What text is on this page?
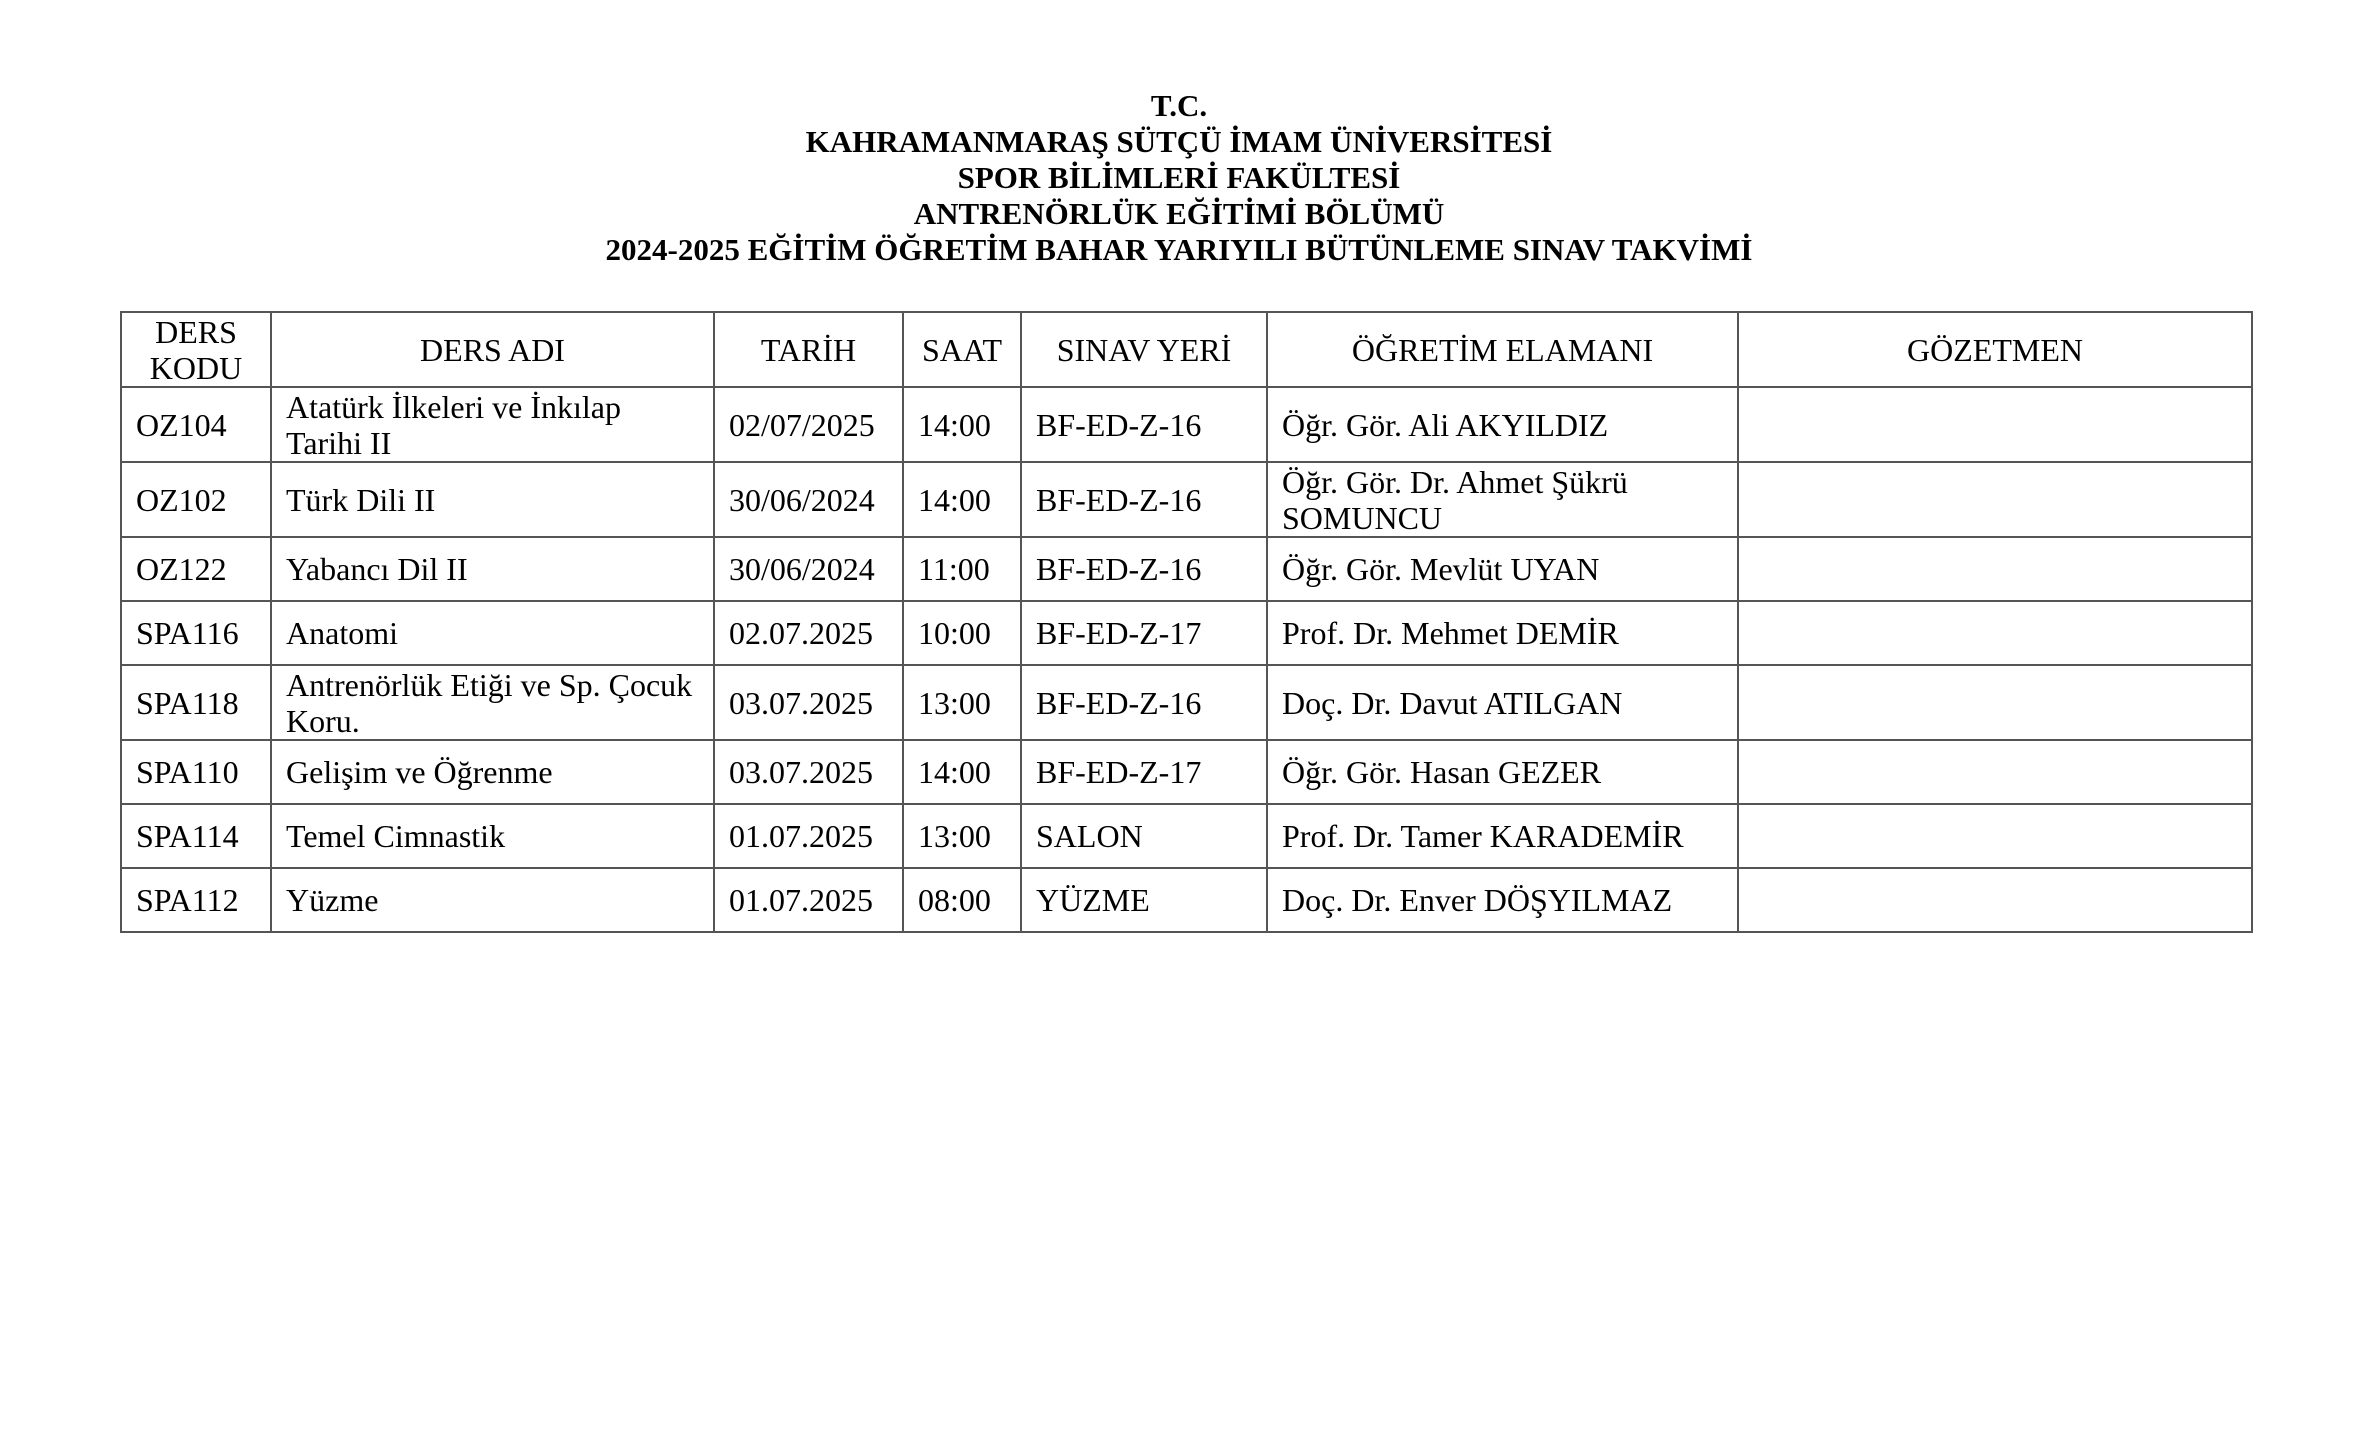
T.C.
KAHRAMANMARAŞ SÜTÇÜ İMAM ÜNİVERSİTESİ
SPOR BİLİMLERİ FAKÜLTESİ
ANTRENÖRLÜK EĞİTİMİ BÖLÜMÜ
2024-2025 EĞİTİM ÖĞRETİM BAHAR YARIYILI BÜTÜNLEME SINAV TAKVİMİ
DERS
KODU	DERS ADI	TARİH	SAAT	SINAV YERİ	ÖĞRETİM ELAMANI	GÖZETMEN
OZ104	Atatürk İlkeleri ve İnkılap Tarihi II	02/07/2025	14:00	BF-ED-Z-16	Öğr. Gör. Ali AKYILDIZ	
OZ102	Türk Dili II	30/06/2024	14:00	BF-ED-Z-16	Öğr. Gör. Dr. Ahmet Şükrü SOMUNCU	
OZ122	Yabancı Dil II	30/06/2024	11:00	BF-ED-Z-16	Öğr. Gör. Mevlüt UYAN	
SPA116	Anatomi	02.07.2025	10:00	BF-ED-Z-17	Prof. Dr. Mehmet DEMİR	
SPA118	Antrenörlük Etiği ve Sp. Çocuk Koru.	03.07.2025	13:00	BF-ED-Z-16	Doç. Dr. Davut ATILGAN	
SPA110	Gelişim ve Öğrenme	03.07.2025	14:00	BF-ED-Z-17	Öğr. Gör. Hasan GEZER	
SPA114	Temel Cimnastik	01.07.2025	13:00	SALON	Prof. Dr. Tamer KARADEMİR	
SPA112	Yüzme	01.07.2025	08:00	YÜZME	Doç. Dr. Enver DÖŞYILMAZ	
